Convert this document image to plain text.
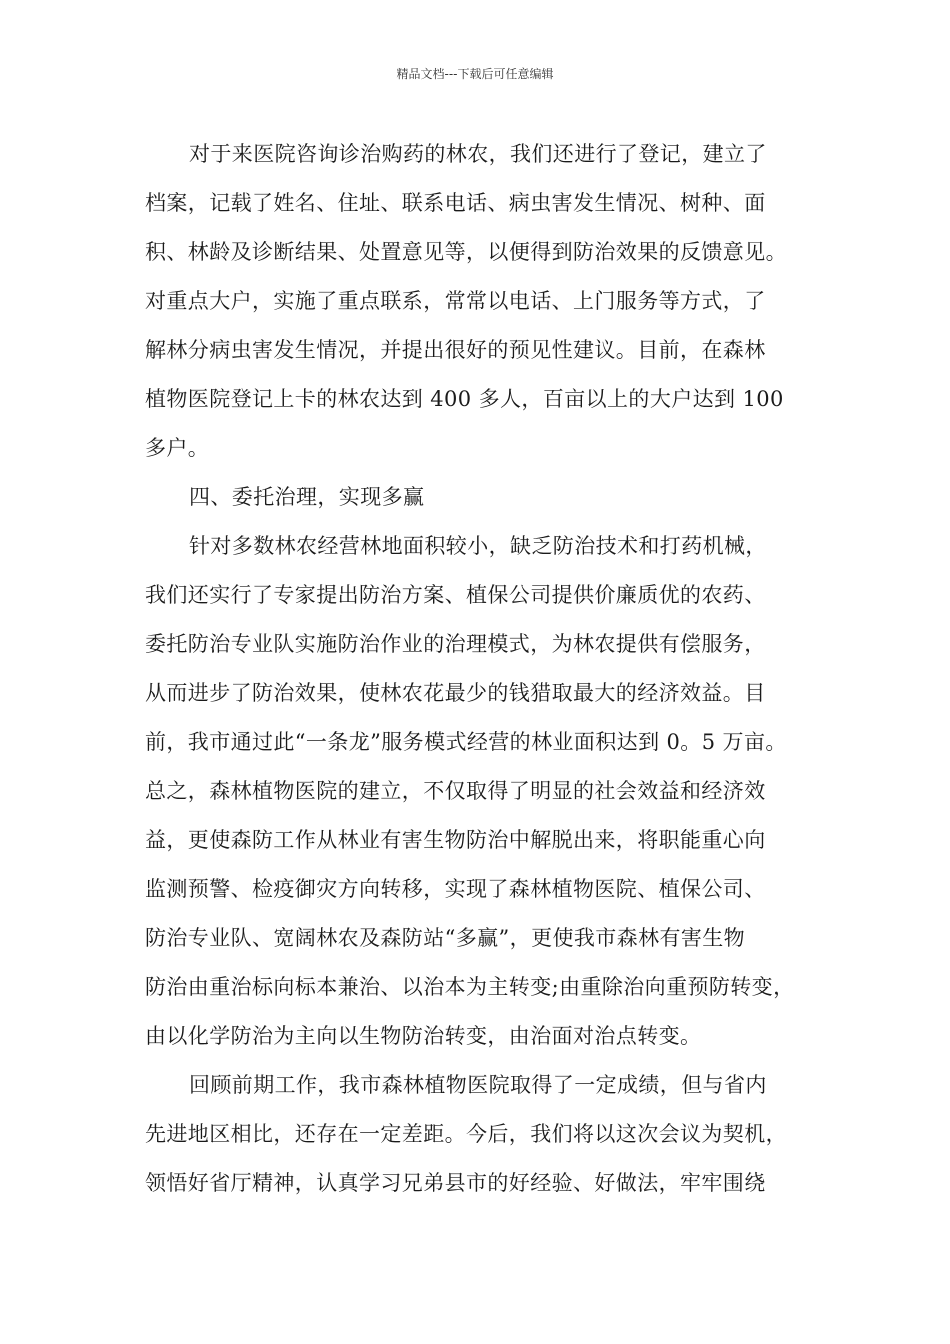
精品文档---下载后可任意编辑
对于来医院咨询诊治购药的林农，我们还进行了登记，建立了
档案，记载了姓名、住址、联系电话、病虫害发生情况、树种、面
积、林龄及诊断结果、处置意见等，以便得到防治效果的反馈意见。
对重点大户，实施了重点联系，常常以电话、上门服务等方式，了
解林分病虫害发生情况，并提出很好的预见性建议。目前，在森林
植物医院登记上卡的林农达到 400 多人，百亩以上的大户达到 100
多户。
四、委托治理，实现多赢
针对多数林农经营林地面积较小，缺乏防治技术和打药机械，
我们还实行了专家提出防治方案、植保公司提供价廉质优的农药、
委托防治专业队实施防治作业的治理模式，为林农提供有偿服务，
从而进步了防治效果，使林农花最少的钱猎取最大的经济效益。目
前，我市通过此“一条龙”服务模式经营的林业面积达到 0。5 万亩。
总之，森林植物医院的建立，不仅取得了明显的社会效益和经济效
益，更使森防工作从林业有害生物防治中解脱出来，将职能重心向
监测预警、检疫御灾方向转移，实现了森林植物医院、植保公司、
防治专业队、宽阔林农及森防站“多赢”，更使我市森林有害生物
防治由重治标向标本兼治、以治本为主转变;由重除治向重预防转变，
由以化学防治为主向以生物防治转变，由治面对治点转变。
回顾前期工作，我市森林植物医院取得了一定成绩，但与省内
先进地区相比，还存在一定差距。今后，我们将以这次会议为契机，
领悟好省厅精神，认真学习兄弟县市的好经验、好做法，牢牢围绕
